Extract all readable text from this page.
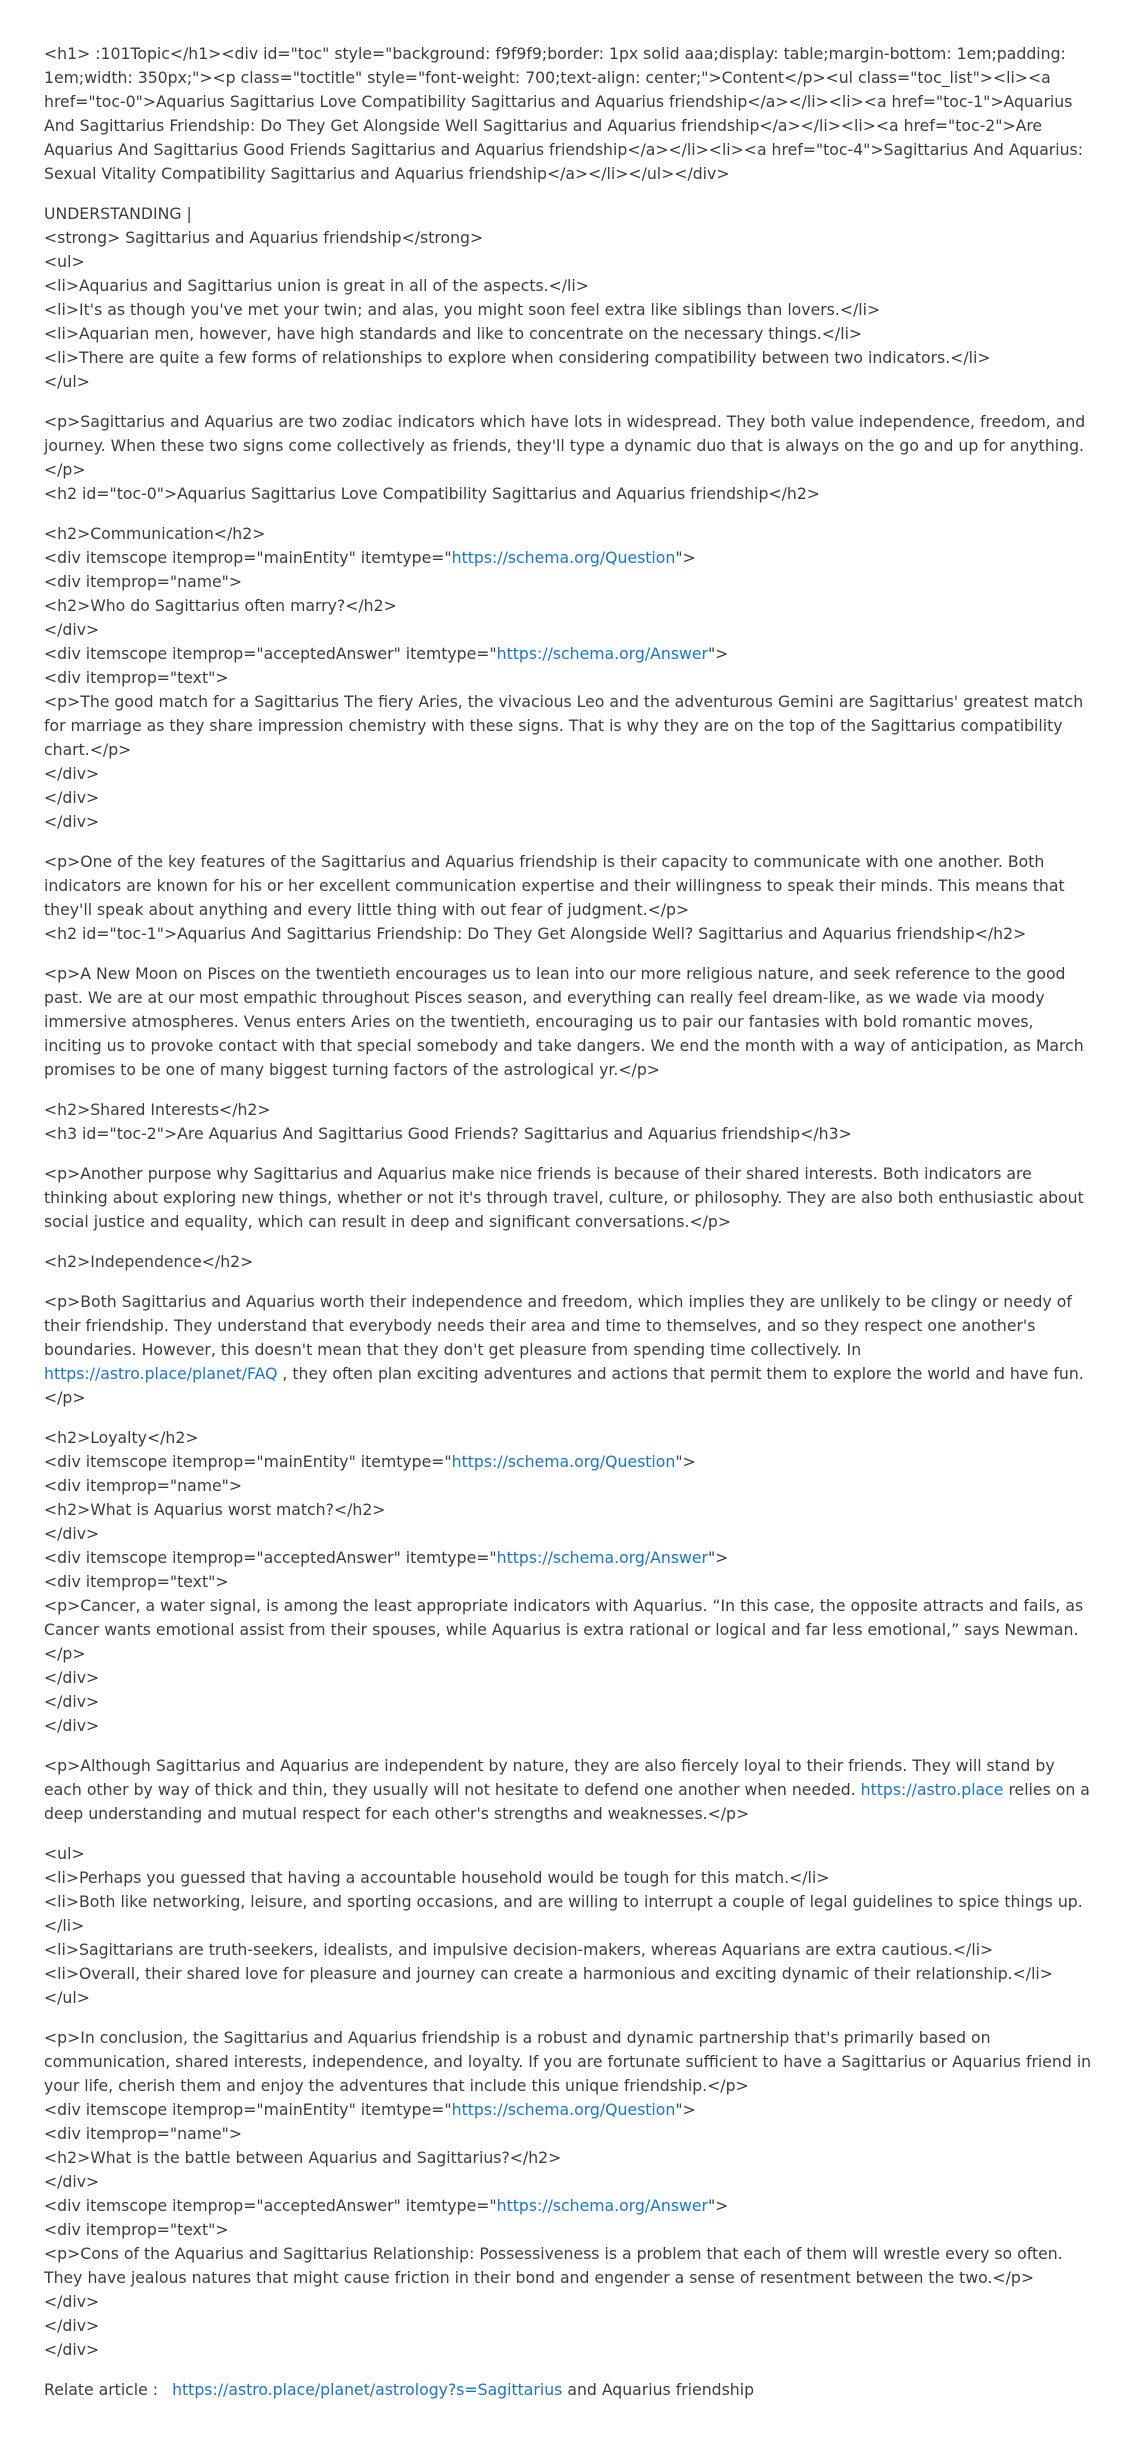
<h1> :101Topic</h1><div id="toc" style="background: f9f9f9;border: 1px solid aaa;display: table;margin-bottom: 1em;padding: 1em;width: 350px;"><p class="toctitle" style="font-weight: 700;text-align: center;">Content</p><ul class="toc_list"><li><a href="toc-0">Aquarius Sagittarius Love Compatibility Sagittarius and Aquarius friendship</a></li><li><a href="toc-1">Aquarius And Sagittarius Friendship: Do They Get Alongside Well Sagittarius and Aquarius friendship</a></li><li><a href="toc-2">Are Aquarius And Sagittarius Good Friends Sagittarius and Aquarius friendship</a></li><li><a href="toc-4">Sagittarius And Aquarius: Sexual Vitality Compatibility Sagittarius and Aquarius friendship</a></li></ul></div>
UNDERSTANDING |
<strong> Sagittarius and Aquarius friendship</strong>
<ul>
<li>Aquarius and Sagittarius union is great in all of the aspects.</li>
<li>It's as though you've met your twin; and alas, you might soon feel extra like siblings than lovers.</li>
<li>Aquarian men, however, have high standards and like to concentrate on the necessary things.</li>
<li>There are quite a few forms of relationships to explore when considering compatibility between two indicators.</li>
</ul>
<p>Sagittarius and Aquarius are two zodiac indicators which have lots in widespread. They both value independence, freedom, and journey. When these two signs come collectively as friends, they'll type a dynamic duo that is always on the go and up for anything.</p>
<h2 id="toc-0">Aquarius Sagittarius Love Compatibility Sagittarius and Aquarius friendship</h2>
<h2>Communication</h2>
<div itemscope itemprop="mainEntity" itemtype="https://schema.org/Question">
<div itemprop="name">
<h2>Who do Sagittarius often marry?</h2>
</div>
<div itemscope itemprop="acceptedAnswer" itemtype="https://schema.org/Answer">
<div itemprop="text">
<p>The good match for a Sagittarius The fiery Aries, the vivacious Leo and the adventurous Gemini are Sagittarius' greatest match for marriage as they share impression chemistry with these signs. That is why they are on the top of the Sagittarius compatibility chart.</p>
</div>
</div>
</div>
<p>One of the key features of the Sagittarius and Aquarius friendship is their capacity to communicate with one another. Both indicators are known for his or her excellent communication expertise and their willingness to speak their minds. This means that they'll speak about anything and every little thing with out fear of judgment.</p>
<h2 id="toc-1">Aquarius And Sagittarius Friendship: Do They Get Alongside Well? Sagittarius and Aquarius friendship</h2>
<p>A New Moon on Pisces on the twentieth encourages us to lean into our more religious nature, and seek reference to the good past. We are at our most empathic throughout Pisces season, and everything can really feel dream-like, as we wade via moody immersive atmospheres. Venus enters Aries on the twentieth, encouraging us to pair our fantasies with bold romantic moves, inciting us to provoke contact with that special somebody and take dangers. We end the month with a way of anticipation, as March promises to be one of many biggest turning factors of the astrological yr.</p>
<h2>Shared Interests</h2>
<h3 id="toc-2">Are Aquarius And Sagittarius Good Friends? Sagittarius and Aquarius friendship</h3>
<p>Another purpose why Sagittarius and Aquarius make nice friends is because of their shared interests. Both indicators are thinking about exploring new things, whether or not it's through travel, culture, or philosophy. They are also both enthusiastic about social justice and equality, which can result in deep and significant conversations.</p>
<h2>Independence</h2>
<p>Both Sagittarius and Aquarius worth their independence and freedom, which implies they are unlikely to be clingy or needy of their friendship. They understand that everybody needs their area and time to themselves, and so they respect one another's boundaries. However, this doesn't mean that they don't get pleasure from spending time collectively. In https://astro.place/planet/FAQ , they often plan exciting adventures and actions that permit them to explore the world and have fun.</p>
<h2>Loyalty</h2>
<div itemscope itemprop="mainEntity" itemtype="https://schema.org/Question">
<div itemprop="name">
<h2>What is Aquarius worst match?</h2>
</div>
<div itemscope itemprop="acceptedAnswer" itemtype="https://schema.org/Answer">
<div itemprop="text">
<p>Cancer, a water signal, is among the least appropriate indicators with Aquarius. “In this case, the opposite attracts and fails, as Cancer wants emotional assist from their spouses, while Aquarius is extra rational or logical and far less emotional,” says Newman.</p>
</div>
</div>
</div>
<p>Although Sagittarius and Aquarius are independent by nature, they are also fiercely loyal to their friends. They will stand by each other by way of thick and thin, they usually will not hesitate to defend one another when needed. https://astro.place relies on a deep understanding and mutual respect for each other's strengths and weaknesses.</p>
<ul>
<li>Perhaps you guessed that having a accountable household would be tough for this match.</li>
<li>Both like networking, leisure, and sporting occasions, and are willing to interrupt a couple of legal guidelines to spice things up.</li>
<li>Sagittarians are truth-seekers, idealists, and impulsive decision-makers, whereas Aquarians are extra cautious.</li>
<li>Overall, their shared love for pleasure and journey can create a harmonious and exciting dynamic of their relationship.</li>
</ul>
<p>In conclusion, the Sagittarius and Aquarius friendship is a robust and dynamic partnership that's primarily based on communication, shared interests, independence, and loyalty. If you are fortunate sufficient to have a Sagittarius or Aquarius friend in your life, cherish them and enjoy the adventures that include this unique friendship.</p>
<div itemscope itemprop="mainEntity" itemtype="https://schema.org/Question">
<div itemprop="name">
<h2>What is the battle between Aquarius and Sagittarius?</h2>
</div>
<div itemscope itemprop="acceptedAnswer" itemtype="https://schema.org/Answer">
<div itemprop="text">
<p>Cons of the Aquarius and Sagittarius Relationship: Possessiveness is a problem that each of them will wrestle every so often. They have jealous natures that might cause friction in their bond and engender a sense of resentment between the two.</p>
</div>
</div>
</div>
Relate article : https://astro.place/planet/astrology?s=Sagittarius and Aquarius friendship
